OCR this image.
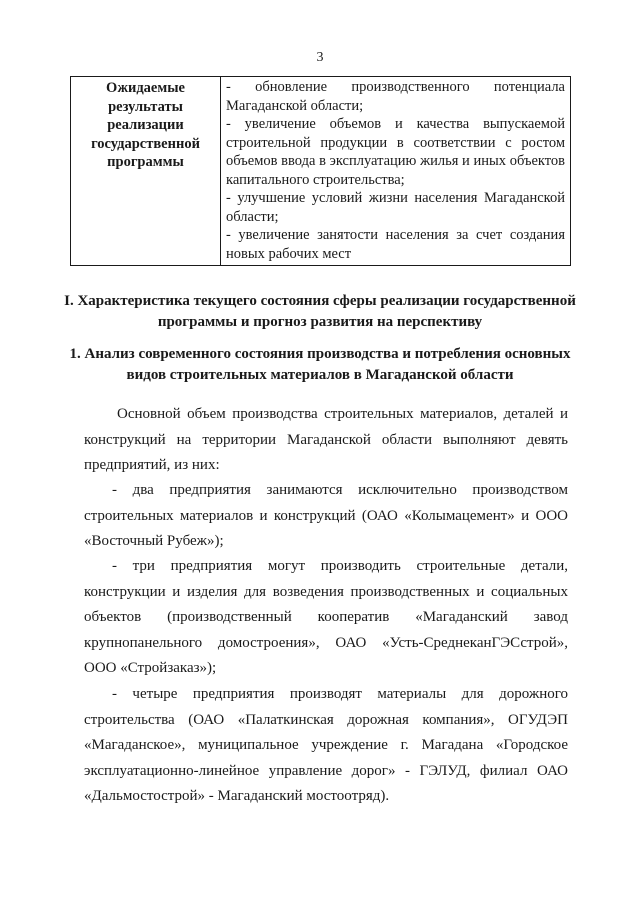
3
Ожидаемые результаты реализации государственной программы	
- обновление производственного потенциала Магаданской области;
- увеличение объемов и качества выпускаемой строительной продукции в соответствии с ростом объемов ввода в эксплуатацию жилья и иных объектов капитального строительства;
- улучшение условий жизни населения Магаданской области;
- увеличение занятости населения за счет создания новых рабочих мест
I. Характеристика текущего состояния сферы реализации государственной программы и прогноз развития на перспективу
1. Анализ современного состояния производства и потребления основных видов строительных материалов в Магаданской области

Основной объем производства строительных материалов, деталей и конструкций на территории Магаданской области выполняют девять предприятий, из них:

- два предприятия занимаются исключительно производством строительных материалов и конструкций (ОАО «Колымацемент» и ООО «Восточный Рубеж»);

- три предприятия могут производить строительные детали, конструкции и изделия для возведения производственных и социальных объектов (производственный кооператив «Магаданский завод крупнопанельного домостроения», ОАО «Усть-СреднеканГЭСстрой», ООО «Стройзаказ»);

- четыре предприятия производят материалы для дорожного строительства (ОАО «Палаткинская дорожная компания», ОГУДЭП «Магаданское», муниципальное учреждение г. Магадана «Городское эксплуатационно-линейное управление дорог» - ГЭЛУД, филиал ОАО «Дальмостострой» - Магаданский мостоотряд).
